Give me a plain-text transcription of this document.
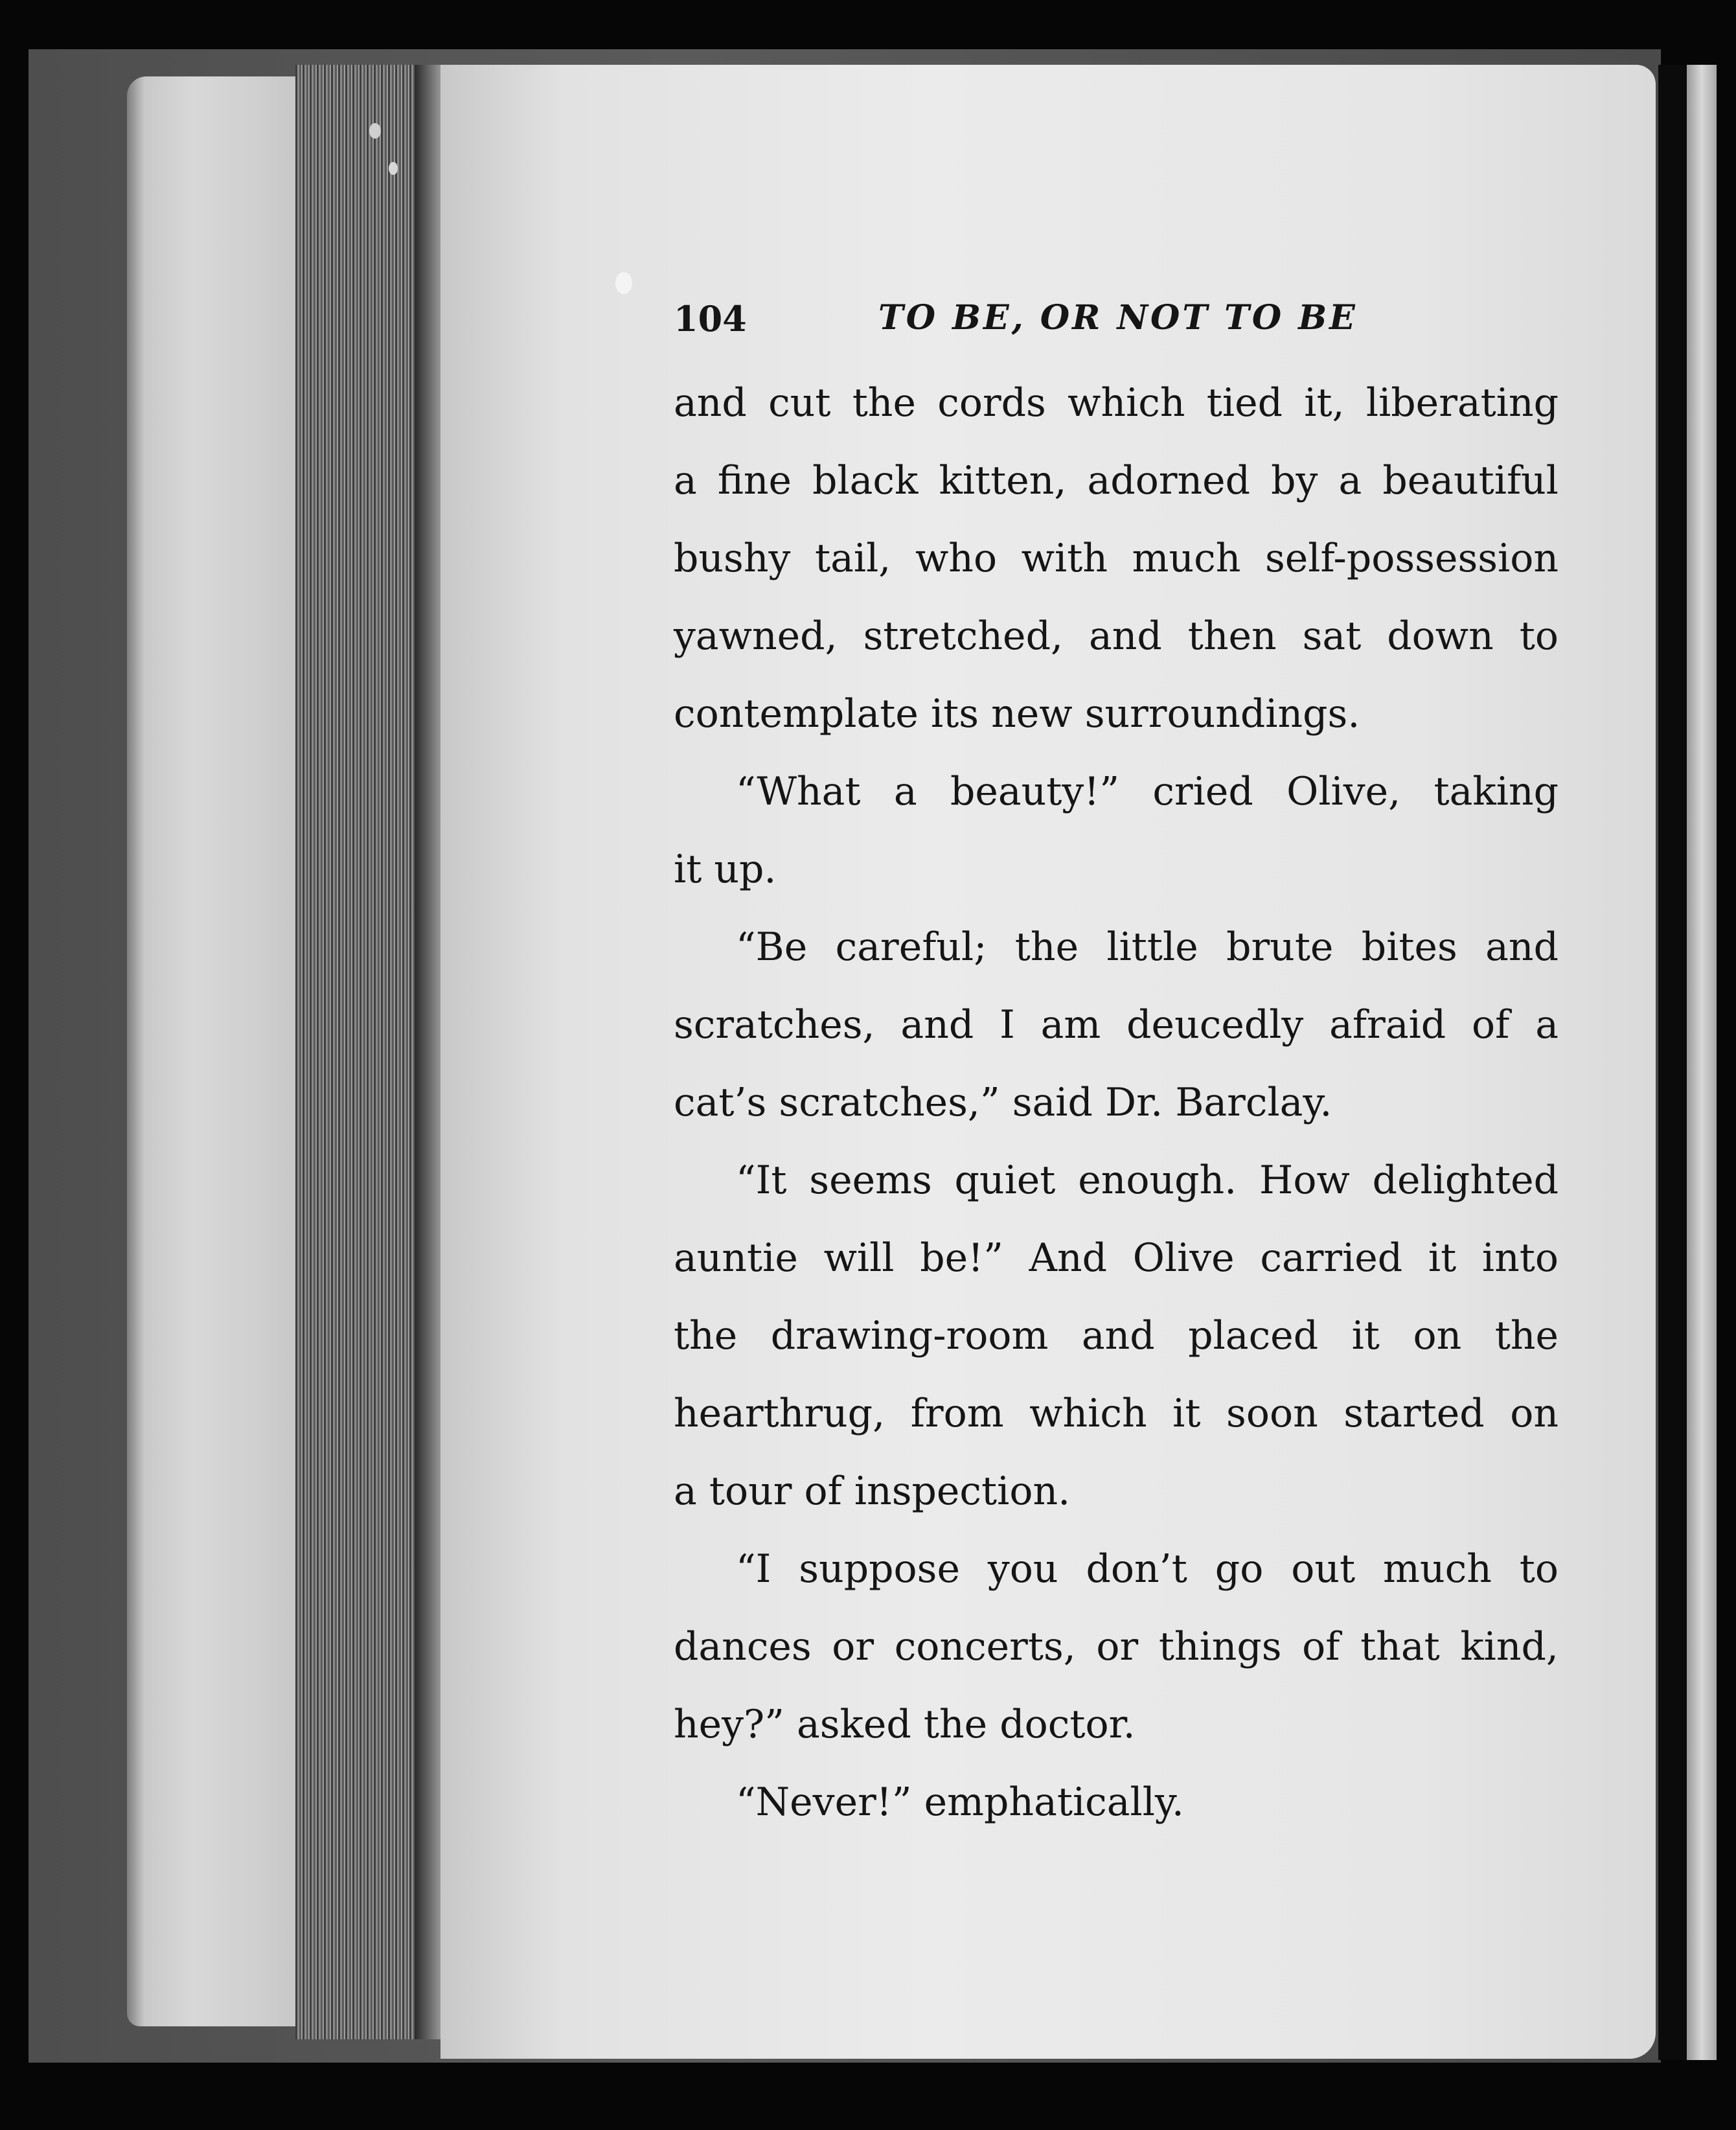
104	TO BE, OR NOT TO BE
and cut the cords which tied it, liberating
a fine black kitten, adorned by a beautiful
bushy tail, who with much self-possession
yawned, stretched, and then sat down to
contemplate its new surroundings.
“What a beauty!” cried Olive, taking
it up.
“Be careful; the little brute bites and
scratches, and I am deucedly afraid of a
cat’s scratches,” said Dr. Barclay.
“It seems quiet enough. How delighted
auntie will be!” And Olive carried it into
the drawing-room and placed it on the
hearthrug, from which it soon started on
a tour of inspection.
“I suppose you don’t go out much to
dances or concerts, or things of that kind,
hey?” asked the doctor.
“Never!” emphatically.
